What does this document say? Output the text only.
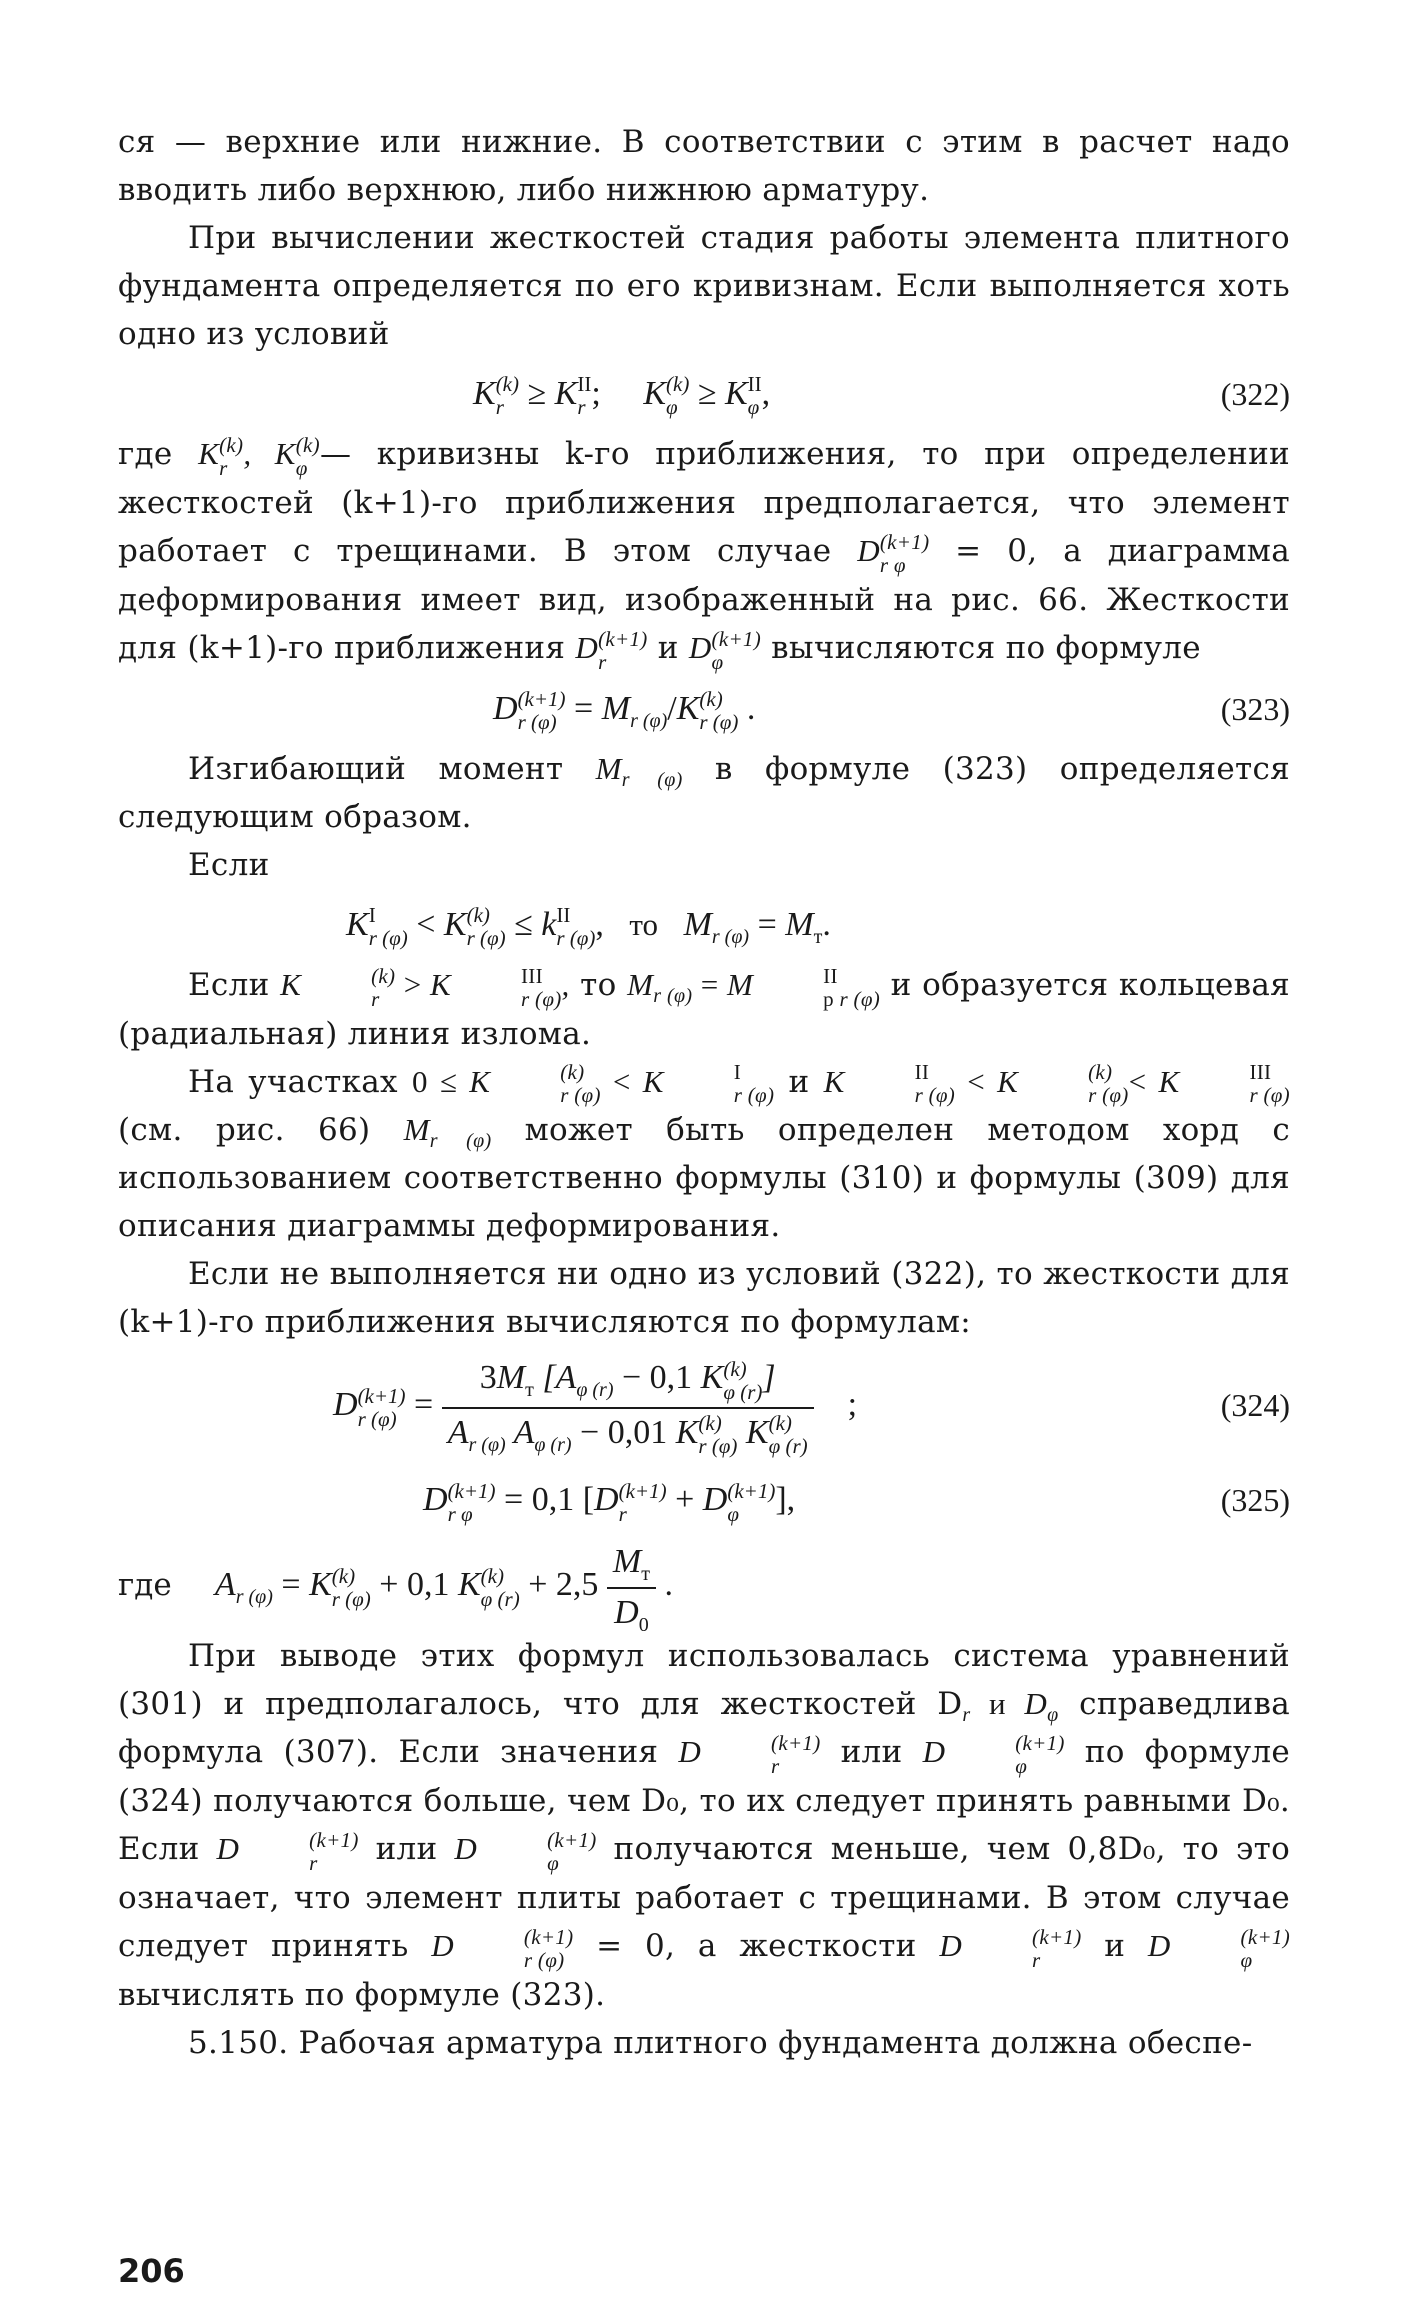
ся — верхние или нижние. В соответствии с этим в расчет надо вводить либо верхнюю, либо нижнюю арматуру.

При вычислении жесткостей стадия работы элемента плитного фундамента определяется по его кривизнам. Если выполняется хоть одно из условий

K (k)
r ≥ K II
r ;     K (k)
φ ≥ K II
φ ,	(322)

где K (k)
r , K (k)
φ — кривизны k-го приближения, то при определении жесткостей (k+1)-го приближения предполагается, что элемент работает с трещинами. В этом случае D (k+1)
r φ	= 0, а диаграмма деформирования имеет вид, изображенный на рис. 66. Жесткости для (k+1)-го приближения D (k+1)
r	и D (k+1)
φ	вычисляются по формуле

D (k+1)
r $(\varphi) = M_{r (\varphi)}/K$ (k)
r (φ) .	(323)

Изгибающий момент $M_{r (\varphi)}$ в формуле (323) определяется следующим образом.

Если

K I
r (φ) < K (k)
r (φ) ≤ k II
r (φ) , то   $M_{r (\varphi)} = M_т$.

Если K	(k)
r > K	III
r (φ) , то $M_{r (\varphi)} = M$	II
р r (φ) и образуется кольцевая (радиальная) линия излома.

На участках 0 ≤ K	(k)
r (φ) < K	I
r (φ) и K	II
r (φ) < K	(k)
r (φ) < K	III
r (φ)
(см. рис. 66) $M_{r (\varphi)}$ может быть определен методом хорд с использованием соответственно формулы (310) и формулы (309) для описания диаграммы деформирования.

Если не выполняется ни одно из условий (322), то жесткости для (k+1)-го приближения вычисляются по формулам:

D (k+1)
r $(\varphi) = 3M_т$ [$A_{\varphi (r)} - 0,1$ K (k)
φ (r) ]
$A_{r (\varphi)}$ $A_{\varphi (r)} - 0,01$ K (k)
r (φ) K (k)
φ (r) ;	(324)
D (k+1)
r φ = 0,1 [D (k+1)
r	+ D (k+1)
φ	],	(325)
где    $A_{r (\varphi)} = K$ (k)
r (φ) + 0,1 K (k)
φ $(r) + 2,5 \frac{M_т}{D_0}$ .

При выводе этих формул использовалась система уравнений (301) и предполагалось, что для жесткостей $D_r$ и $D_\varphi$ справедлива формула (307). Если значения D	(k+1)
r	или D	(k+1)
φ	по формуле (324) получаются больше, чем D₀, то их следует принять равными D₀. Если D	(k+1)
r	или D	(k+1)
φ	получаются меньше, чем 0,8D₀, то это означает, что элемент плиты работает с трещинами. В этом случае следует принять D	(k+1)
r (φ) = 0, а жесткости D	(k+1)
r	и D	(k+1)
φ
вычислять по формуле (323).

5.150. Рабочая арматура плитного фундамента должна обеспе-

206
